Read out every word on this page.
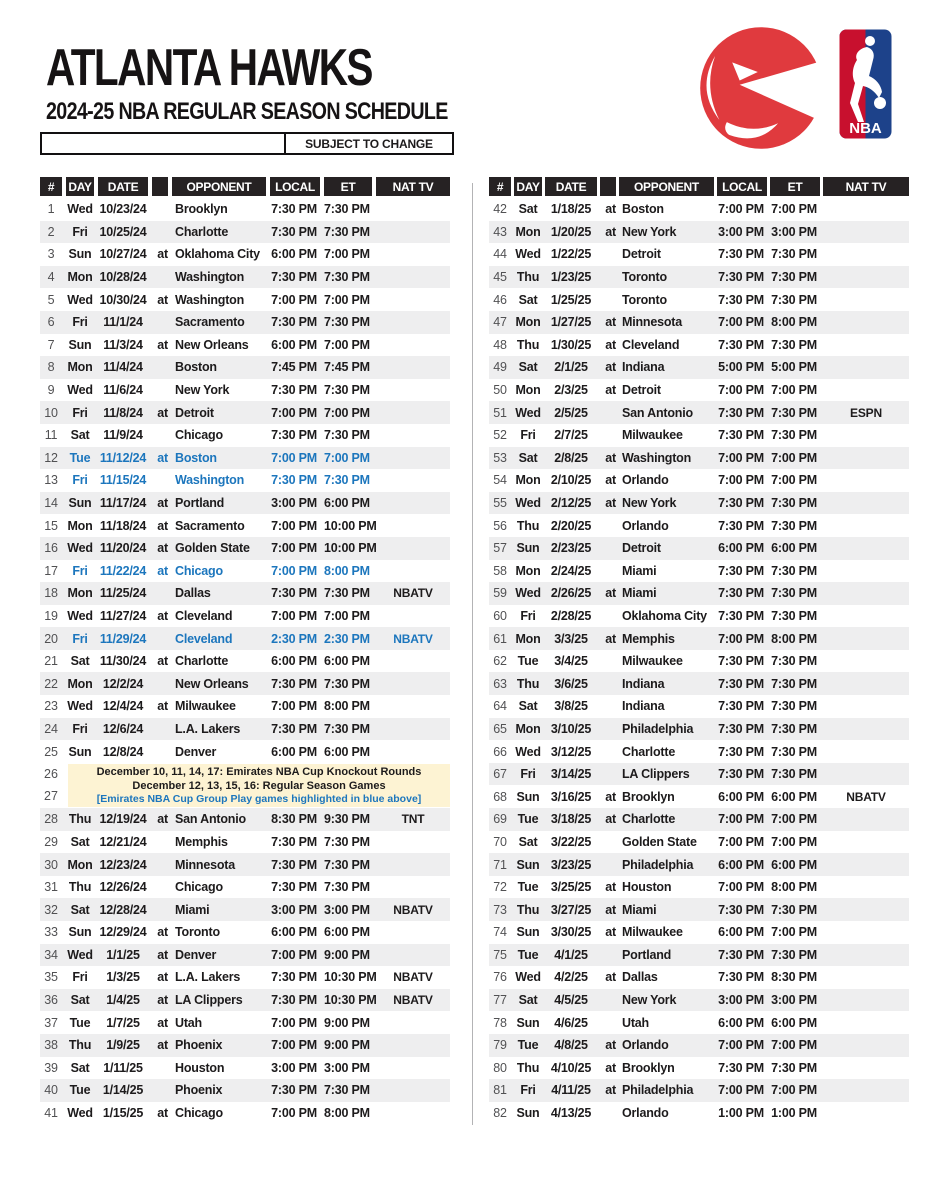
ATLANTA HAWKS
2024-25 NBA REGULAR SEASON SCHEDULE
SUBJECT TO CHANGE
NBA
#	DAY	DATE	OPPONENT	LOCAL	ET	NAT TV
1	Wed 10/23/24 Brooklyn	7:30 PM 7:30 PM
2	Fri 10/25/24 Charlotte	7:30 PM 7:30 PM
3	Sun 10/27/24 at Oklahoma City 6:00 PM 7:00 PM
4	Mon 10/28/24 Washington	7:30 PM 7:30 PM
5	Wed 10/30/24 at Washington	7:00 PM 7:00 PM
6	Fri	11/1/24	Sacramento	7:30 PM 7:30 PM
7	Sun 11/3/24	at New Orleans	6:00 PM 7:00 PM
8	Mon 11/4/24	Boston	7:45 PM 7:45 PM
9	Wed 11/6/24	New York	7:30 PM 7:30 PM
10	Fri	11/8/24	at Detroit	7:00 PM 7:00 PM
11	Sat	11/9/24	Chicago	7:30 PM 7:30 PM
12 Tue 11/12/24 at Boston	7:00 PM 7:00 PM
13	Fri 11/15/24 Washington	7:30 PM 7:30 PM
14 Sun 11/17/24 at Portland	3:00 PM 6:00 PM
15 Mon 11/18/24 at Sacramento	7:00 PM 10:00 PM
16 Wed 11/20/24 at Golden State	7:00 PM 10:00 PM
17	Fri 11/22/24 at Chicago	7:00 PM 8:00 PM
18 Mon 11/25/24 Dallas	7:30 PM 7:30 PM	NBATV
19 Wed 11/27/24 at Cleveland	7:00 PM 7:00 PM
20	Fri 11/29/24 Cleveland	2:30 PM 2:30 PM	NBATV
21	Sat 11/30/24 at Charlotte	6:00 PM 6:00 PM
22 Mon 12/2/24	New Orleans	7:30 PM 7:30 PM
23 Wed 12/4/24	at Milwaukee	7:00 PM 8:00 PM
24	Fri	12/6/24	L.A. Lakers	7:30 PM 7:30 PM
25 Sun 12/8/24	Denver	6:00 PM 6:00 PM
26
27
December 10, 11, 14, 17: Emirates NBA Cup Knockout Rounds
December 12, 13, 15, 16: Regular Season Games
[Emirates NBA Cup Group Play games highlighted in blue above]
28 Thu 12/19/24 at San Antonio	8:30 PM 9:30 PM	TNT
29	Sat 12/21/24 Memphis	7:30 PM 7:30 PM
30 Mon 12/23/24 Minnesota	7:30 PM 7:30 PM
31 Thu 12/26/24 Chicago	7:30 PM 7:30 PM
32	Sat 12/28/24 Miami	3:00 PM 3:00 PM	NBATV
33 Sun 12/29/24 at Toronto	6:00 PM 6:00 PM
34 Wed	1/1/25	at Denver	7:00 PM 9:00 PM
35	Fri	1/3/25	at L.A. Lakers	7:30 PM 10:30 PM	NBATV
36	Sat	1/4/25	at LA Clippers	7:30 PM 10:30 PM	NBATV
37 Tue	1/7/25	at Utah	7:00 PM 9:00 PM
38 Thu	1/9/25	at Phoenix	7:00 PM 9:00 PM
39	Sat	1/11/25	Houston	3:00 PM 3:00 PM
40 Tue	1/14/25	Phoenix	7:30 PM 7:30 PM
41 Wed 1/15/25	at Chicago	7:00 PM 8:00 PM
#	DAY	DATE	OPPONENT	LOCAL	ET	NAT TV
42 Sat	1/18/25	at Boston	7:00 PM 7:00 PM
43 Mon 1/20/25	at New York	3:00 PM 3:00 PM
44 Wed 1/22/25	Detroit	7:30 PM 7:30 PM
45 Thu 1/23/25	Toronto	7:30 PM 7:30 PM
46 Sat	1/25/25	Toronto	7:30 PM 7:30 PM
47 Mon 1/27/25	at Minnesota	7:00 PM 8:00 PM
48 Thu 1/30/25	at Cleveland	7:30 PM 7:30 PM
49 Sat	2/1/25	at Indiana	5:00 PM 5:00 PM
50 Mon	2/3/25	at Detroit	7:00 PM 7:00 PM
51 Wed	2/5/25	San Antonio	7:30 PM 7:30 PM	ESPN
52	Fri	2/7/25	Milwaukee	7:30 PM 7:30 PM
53 Sat	2/8/25	at Washington	7:00 PM 7:00 PM
54 Mon 2/10/25	at Orlando	7:00 PM 7:00 PM
55 Wed 2/12/25	at New York	7:30 PM 7:30 PM
56 Thu 2/20/25	Orlando	7:30 PM 7:30 PM
57 Sun 2/23/25	Detroit	6:00 PM 6:00 PM
58 Mon 2/24/25	Miami	7:30 PM 7:30 PM
59 Wed 2/26/25	at Miami	7:30 PM 7:30 PM
60	Fri	2/28/25	Oklahoma City 7:30 PM 7:30 PM
61 Mon	3/3/25	at Memphis	7:00 PM 8:00 PM
62 Tue	3/4/25	Milwaukee	7:30 PM 7:30 PM
63 Thu	3/6/25	Indiana	7:30 PM 7:30 PM
64 Sat	3/8/25	Indiana	7:30 PM 7:30 PM
65 Mon 3/10/25	Philadelphia	7:30 PM 7:30 PM
66 Wed 3/12/25	Charlotte	7:30 PM 7:30 PM
67	Fri	3/14/25	LA Clippers	7:30 PM 7:30 PM
68 Sun 3/16/25	at Brooklyn	6:00 PM 6:00 PM	NBATV
69 Tue	3/18/25	at Charlotte	7:00 PM 7:00 PM
70 Sat	3/22/25	Golden State	7:00 PM 7:00 PM
71 Sun 3/23/25	Philadelphia	6:00 PM 6:00 PM
72 Tue	3/25/25	at Houston	7:00 PM 8:00 PM
73 Thu 3/27/25	at Miami	7:30 PM 7:30 PM
74 Sun 3/30/25	at Milwaukee	6:00 PM 7:00 PM
75 Tue	4/1/25	Portland	7:30 PM 7:30 PM
76 Wed	4/2/25	at Dallas	7:30 PM 8:30 PM
77 Sat	4/5/25	New York	3:00 PM 3:00 PM
78 Sun	4/6/25	Utah	6:00 PM 6:00 PM
79 Tue	4/8/25	at Orlando	7:00 PM 7:00 PM
80 Thu 4/10/25	at Brooklyn	7:30 PM 7:30 PM
81	Fri	4/11/25	at Philadelphia	7:00 PM 7:00 PM
82 Sun 4/13/25	Orlando	1:00 PM 1:00 PM
